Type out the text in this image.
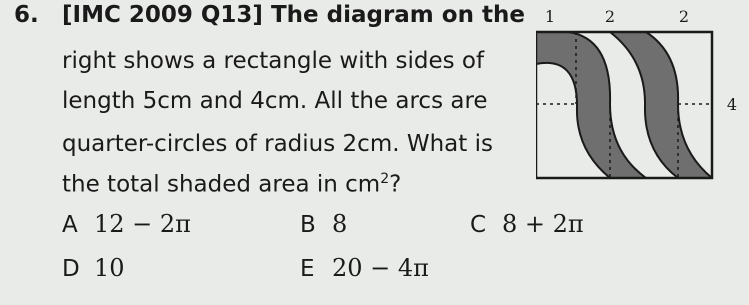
6. [IMC 2009 Q13] The diagram on the
right shows a rectangle with sides of
length 5cm and 4cm. All the arcs are
quarter-circles of radius 2cm. What is
the total shaded area in $cm^2$?
1	2	2
4
A 12 − 2π	B 8	C 8 + 2π
D 10	E 20 − 4π
